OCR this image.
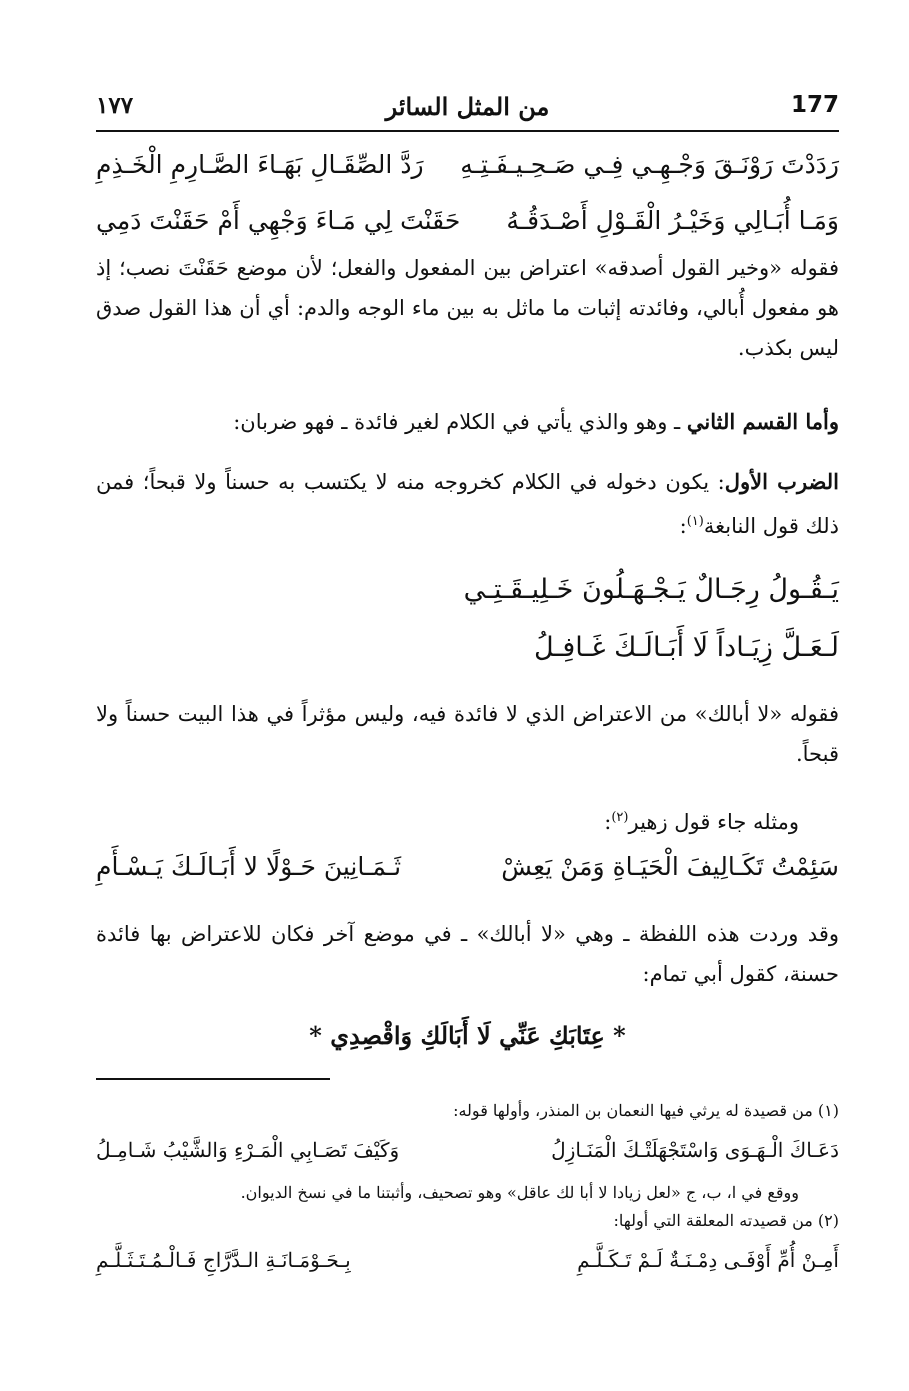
177
من المثل السائر
١٧٧
رَدَدْتَ رَوْنَـقَ وَجْـهِـي فِـي صَـحِـيـفَـتِـهِ
رَدَّ الصِّقَـالِ بَهَـاءَ الصَّـارِمِ الْخَـذِمِ
وَمَـا أُبَـالِي وَخَيْـرُ الْقَـوْلِ أَصْـدَقُـهُ
حَقَنْتَ لِي مَـاءَ وَجْهِي أَمْ حَقَنْتَ دَمِي

فقوله «وخير القول أصدقه» اعتراض بين المفعول والفعل؛ لأن موضع حَقَنْتَ نصب؛ إذ هو مفعول أُبالي، وفائدته إثبات ما ماثل به بين ماء الوجه والدم: أي أن هذا القول صدق ليس بكذب.

وأما القسم الثاني ـ وهو والذي يأتي في الكلام لغير فائدة ـ فهو ضربان:

الضرب الأول: يكون دخوله في الكلام كخروجه منه لا يكتسب به حسناً ولا قبحاً؛ فمن ذلك قول النابغة$^{(١)}$:

يَـقُـولُ رِجَـالٌ يَـجْـهَـلُونَ خَـلِيـقَـتِـي
لَـعَـلَّ زِيَـاداً لَا أَبَـالَـكَ غَـافِـلُ

فقوله «لا أبالك» من الاعتراض الذي لا فائدة فيه، وليس مؤثراً في هذا البيت حسناً ولا قبحاً.

ومثله جاء قول زهير$^{(٢)}$:

سَئِمْتُ تَكَـالِيفَ الْحَيَـاةِ وَمَنْ يَعِشْ
ثَـمَـانِينَ حَـوْلًا لا أَبَـالَـكَ يَـسْـأَمِ

وقد وردت هذه اللفظة ـ وهي «لا أبالك» ـ في موضع آخر فكان للاعتراض بها فائدة حسنة، كقول أبي تمام:

* عِتَابَكِ عَنِّي لَا أَبَالَكِ وَاقْصِدِي *

(١) من قصيدة له يرثي فيها النعمان بن المنذر، وأولها قوله:
دَعَـاكَ الْـهَـوَى وَاسْتَجْهَلَتْـكَ الْمَنَـازِلُ
وَكَيْفَ تَصَـابِي الْمَـرْءِ وَالشَّيْبُ شَـامِـلُ
ووقع في ا، ب، ج «لعل زيادا لا أبا لك عاقل» وهو تصحيف، وأثبتنا ما في نسخ الديوان.
(٢) من قصيدته المعلقة التي أولها:
أَمِـنْ أُمِّ أَوْفَـى دِمْـنَـةٌ لَـمْ تَـكَـلَّـمِ
بِـحَـوْمَـانَـةِ الـدَّرَّاجِ فَـالْـمُـتَـثَـلَّـمِ
